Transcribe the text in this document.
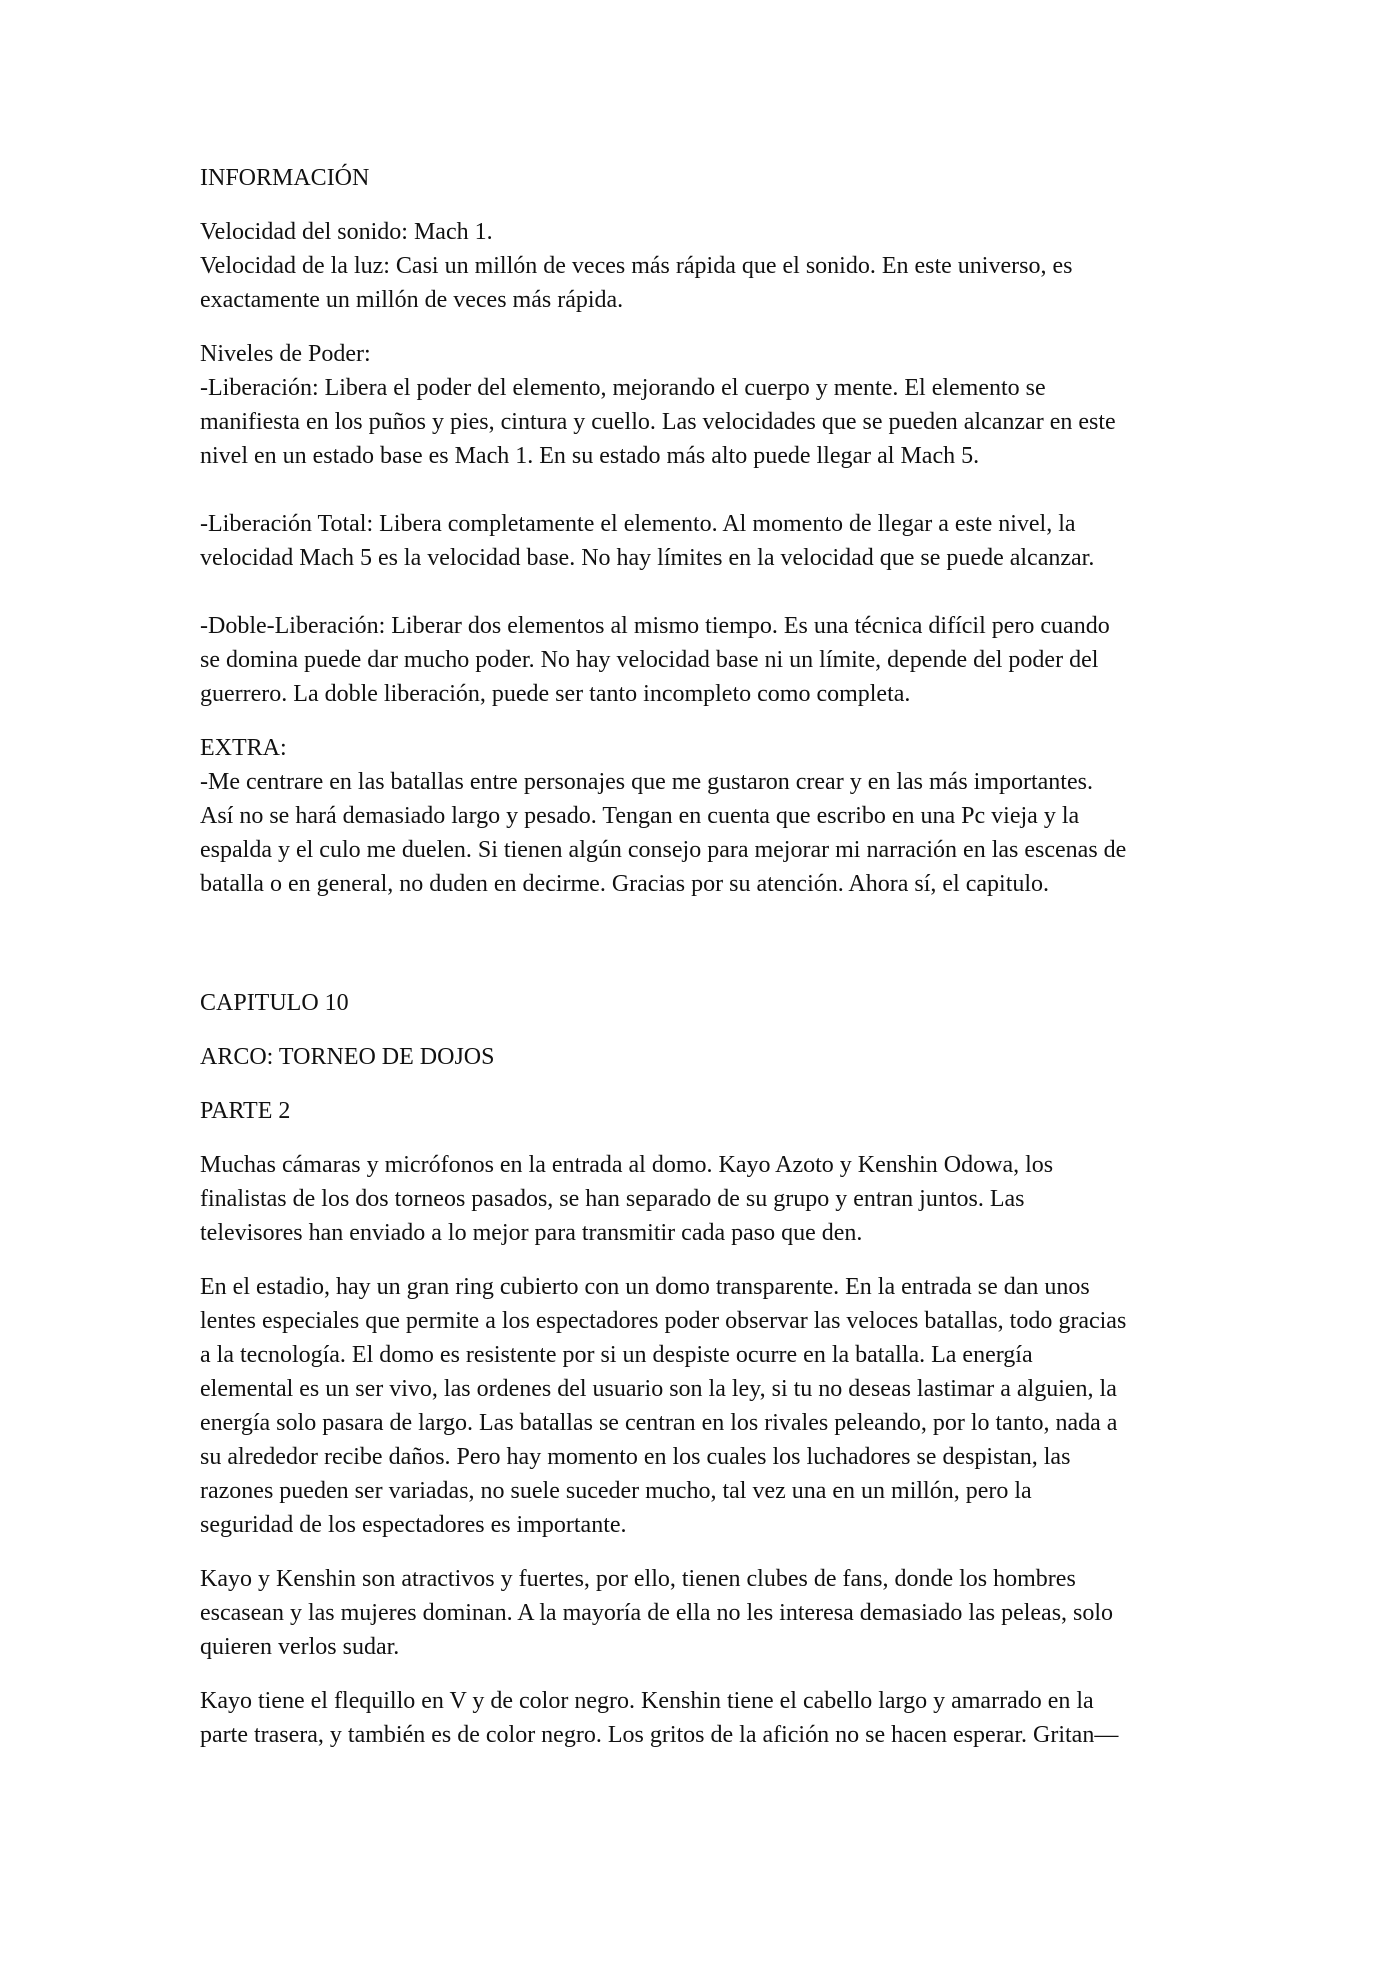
INFORMACIÓN

Velocidad del sonido: Mach 1.

Velocidad de la luz: Casi un millón de veces más rápida que el sonido. En este universo, es

exactamente un millón de veces más rápida.

Niveles de Poder:

-Liberación: Libera el poder del elemento, mejorando el cuerpo y mente. El elemento se

manifiesta en los puños y pies, cintura y cuello. Las velocidades que se pueden alcanzar en este

nivel en un estado base es Mach 1. En su estado más alto puede llegar al Mach 5.

-Liberación Total: Libera completamente el elemento. Al momento de llegar a este nivel, la

velocidad Mach 5 es la velocidad base. No hay límites en la velocidad que se puede alcanzar.

-Doble-Liberación: Liberar dos elementos al mismo tiempo. Es una técnica difícil pero cuando

se domina puede dar mucho poder. No hay velocidad base ni un límite, depende del poder del

guerrero. La doble liberación, puede ser tanto incompleto como completa.

EXTRA:

-Me centrare en las batallas entre personajes que me gustaron crear y en las más importantes.

Así no se hará demasiado largo y pesado. Tengan en cuenta que escribo en una Pc vieja y la

espalda y el culo me duelen. Si tienen algún consejo para mejorar mi narración en las escenas de

batalla o en general, no duden en decirme. Gracias por su atención. Ahora sí, el capitulo.

CAPITULO 10

ARCO: TORNEO DE DOJOS

PARTE 2

Muchas cámaras y micrófonos en la entrada al domo. Kayo Azoto y Kenshin Odowa, los

finalistas de los dos torneos pasados, se han separado de su grupo y entran juntos. Las

televisores han enviado a lo mejor para transmitir cada paso que den.

En el estadio, hay un gran ring cubierto con un domo transparente. En la entrada se dan unos

lentes especiales que permite a los espectadores poder observar las veloces batallas, todo gracias

a la tecnología. El domo es resistente por si un despiste ocurre en la batalla. La energía

elemental es un ser vivo, las ordenes del usuario son la ley, si tu no deseas lastimar a alguien, la

energía solo pasara de largo. Las batallas se centran en los rivales peleando, por lo tanto, nada a

su alrededor recibe daños. Pero hay momento en los cuales los luchadores se despistan, las

razones pueden ser variadas, no suele suceder mucho, tal vez una en un millón, pero la

seguridad de los espectadores es importante.

Kayo y Kenshin son atractivos y fuertes, por ello, tienen clubes de fans, donde los hombres

escasean y las mujeres dominan. A la mayoría de ella no les interesa demasiado las peleas, solo

quieren verlos sudar.

Kayo tiene el flequillo en V y de color negro. Kenshin tiene el cabello largo y amarrado en la

parte trasera, y también es de color negro. Los gritos de la afición no se hacen esperar. Gritan—
